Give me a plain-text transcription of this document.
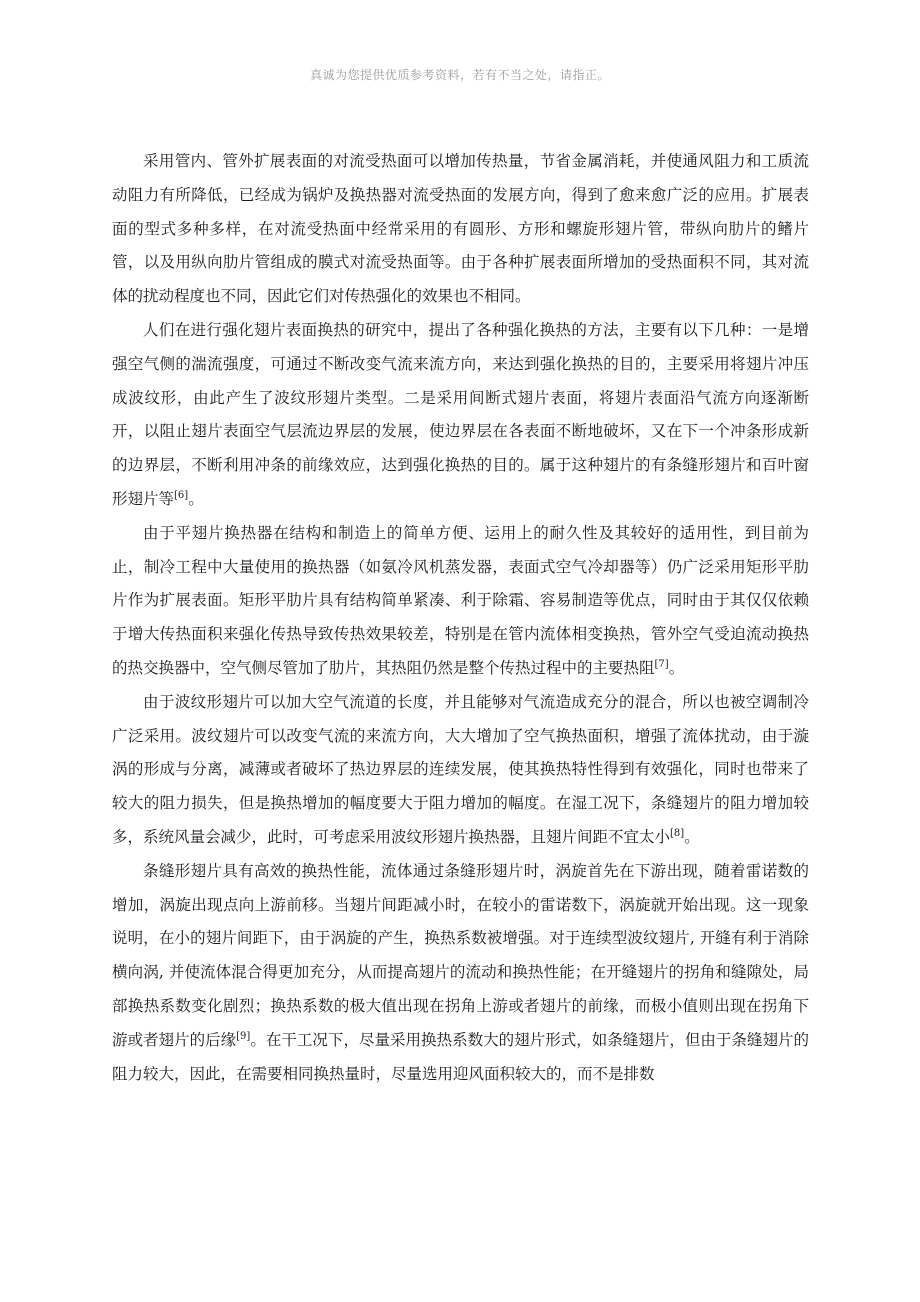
真诚为您提供优质参考资料，若有不当之处，请指正。

采用管内、管外扩展表面的对流受热面可以增加传热量，节省金属消耗，并使通风阻力和工质流动阻力有所降低，已经成为锅炉及换热器对流受热面的发展方向，得到了愈来愈广泛的应用。扩展表面的型式多种多样，在对流受热面中经常采用的有圆形、方形和螺旋形翅片管，带纵向肋片的鳍片管，以及用纵向肋片管组成的膜式对流受热面等。由于各种扩展表面所增加的受热面积不同，其对流体的扰动程度也不同，因此它们对传热强化的效果也不相同。

人们在进行强化翅片表面换热的研究中，提出了各种强化换热的方法，主要有以下几种：一是增强空气侧的湍流强度，可通过不断改变气流来流方向，来达到强化换热的目的，主要采用将翅片冲压成波纹形，由此产生了波纹形翅片类型。二是采用间断式翅片表面，将翅片表面沿气流方向逐渐断开，以阻止翅片表面空气层流边界层的发展，使边界层在各表面不断地破坏，又在下一个冲条形成新的边界层，不断利用冲条的前缘效应，达到强化换热的目的。属于这种翅片的有条缝形翅片和百叶窗形翅片等[6]。

由于平翅片换热器在结构和制造上的简单方便、运用上的耐久性及其较好的适用性，到目前为止，制冷工程中大量使用的换热器（如氨冷风机蒸发器，表面式空气冷却器等）仍广泛采用矩形平肋片作为扩展表面。矩形平肋片具有结构简单紧凑、利于除霜、容易制造等优点，同时由于其仅仅依赖于增大传热面积来强化传热导致传热效果较差，特别是在管内流体相变换热，管外空气受迫流动换热的热交换器中，空气侧尽管加了肋片，其热阻仍然是整个传热过程中的主要热阻[7]。

由于波纹形翅片可以加大空气流道的长度，并且能够对气流造成充分的混合，所以也被空调制冷广泛采用。波纹翅片可以改变气流的来流方向，大大增加了空气换热面积，增强了流体扰动，由于漩涡的形成与分离，减薄或者破坏了热边界层的连续发展，使其换热特性得到有效强化，同时也带来了较大的阻力损失，但是换热增加的幅度要大于阻力增加的幅度。在湿工况下，条缝翅片的阻力增加较多，系统风量会减少，此时，可考虑采用波纹形翅片换热器，且翅片间距不宜太小[8]。

条缝形翅片具有高效的换热性能，流体通过条缝形翅片时，涡旋首先在下游出现，随着雷诺数的增加，涡旋出现点向上游前移。当翅片间距减小时，在较小的雷诺数下，涡旋就开始出现。这一现象说明，在小的翅片间距下，由于涡旋的产生，换热系数被增强。对于连续型波纹翅片, 开缝有利于消除横向涡, 并使流体混合得更加充分，从而提高翅片的流动和换热性能；在开缝翅片的拐角和缝隙处，局部换热系数变化剧烈；换热系数的极大值出现在拐角上游或者翅片的前缘，而极小值则出现在拐角下游或者翅片的后缘[9]。在干工况下，尽量采用换热系数大的翅片形式，如条缝翅片，但由于条缝翅片的阻力较大，因此，在需要相同换热量时，尽量选用迎风面积较大的，而不是排数
